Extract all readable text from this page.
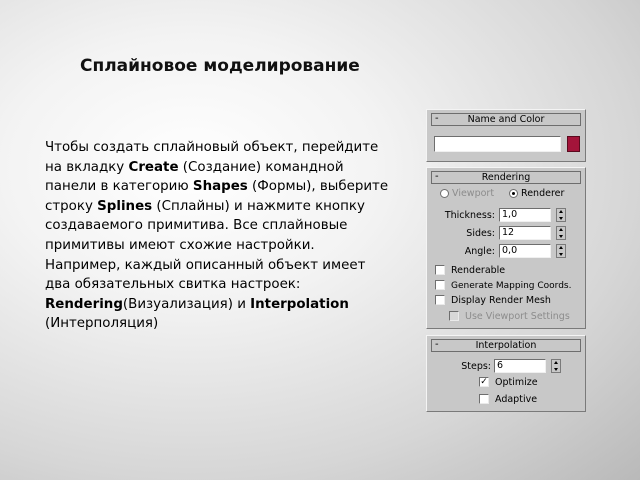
Сплайновое моделирование
Чтобы создать сплайновый объект, перейдите на вкладку Create (Создание) командной панели в категорию Shapes (Формы), выберите строку Splines (Сплайны) и нажмите кнопку создаваемого примитива. Все сплайновые примитивы имеют схожие настройки. Например, каждый описанный объект имеет два обязательных свитка настроек: Rendering(Визуализация) и Interpolation (Интерполяция)
-	Name and Color
-	Rendering
Viewport	Renderer
Thickness: 1,0
Sides: 12
Angle: 0,0
Renderable
Generate Mapping Coords.
Display Render Mesh
Use Viewport Settings
-	Interpolation
Steps: 6
✓ Optimize
Adaptive
